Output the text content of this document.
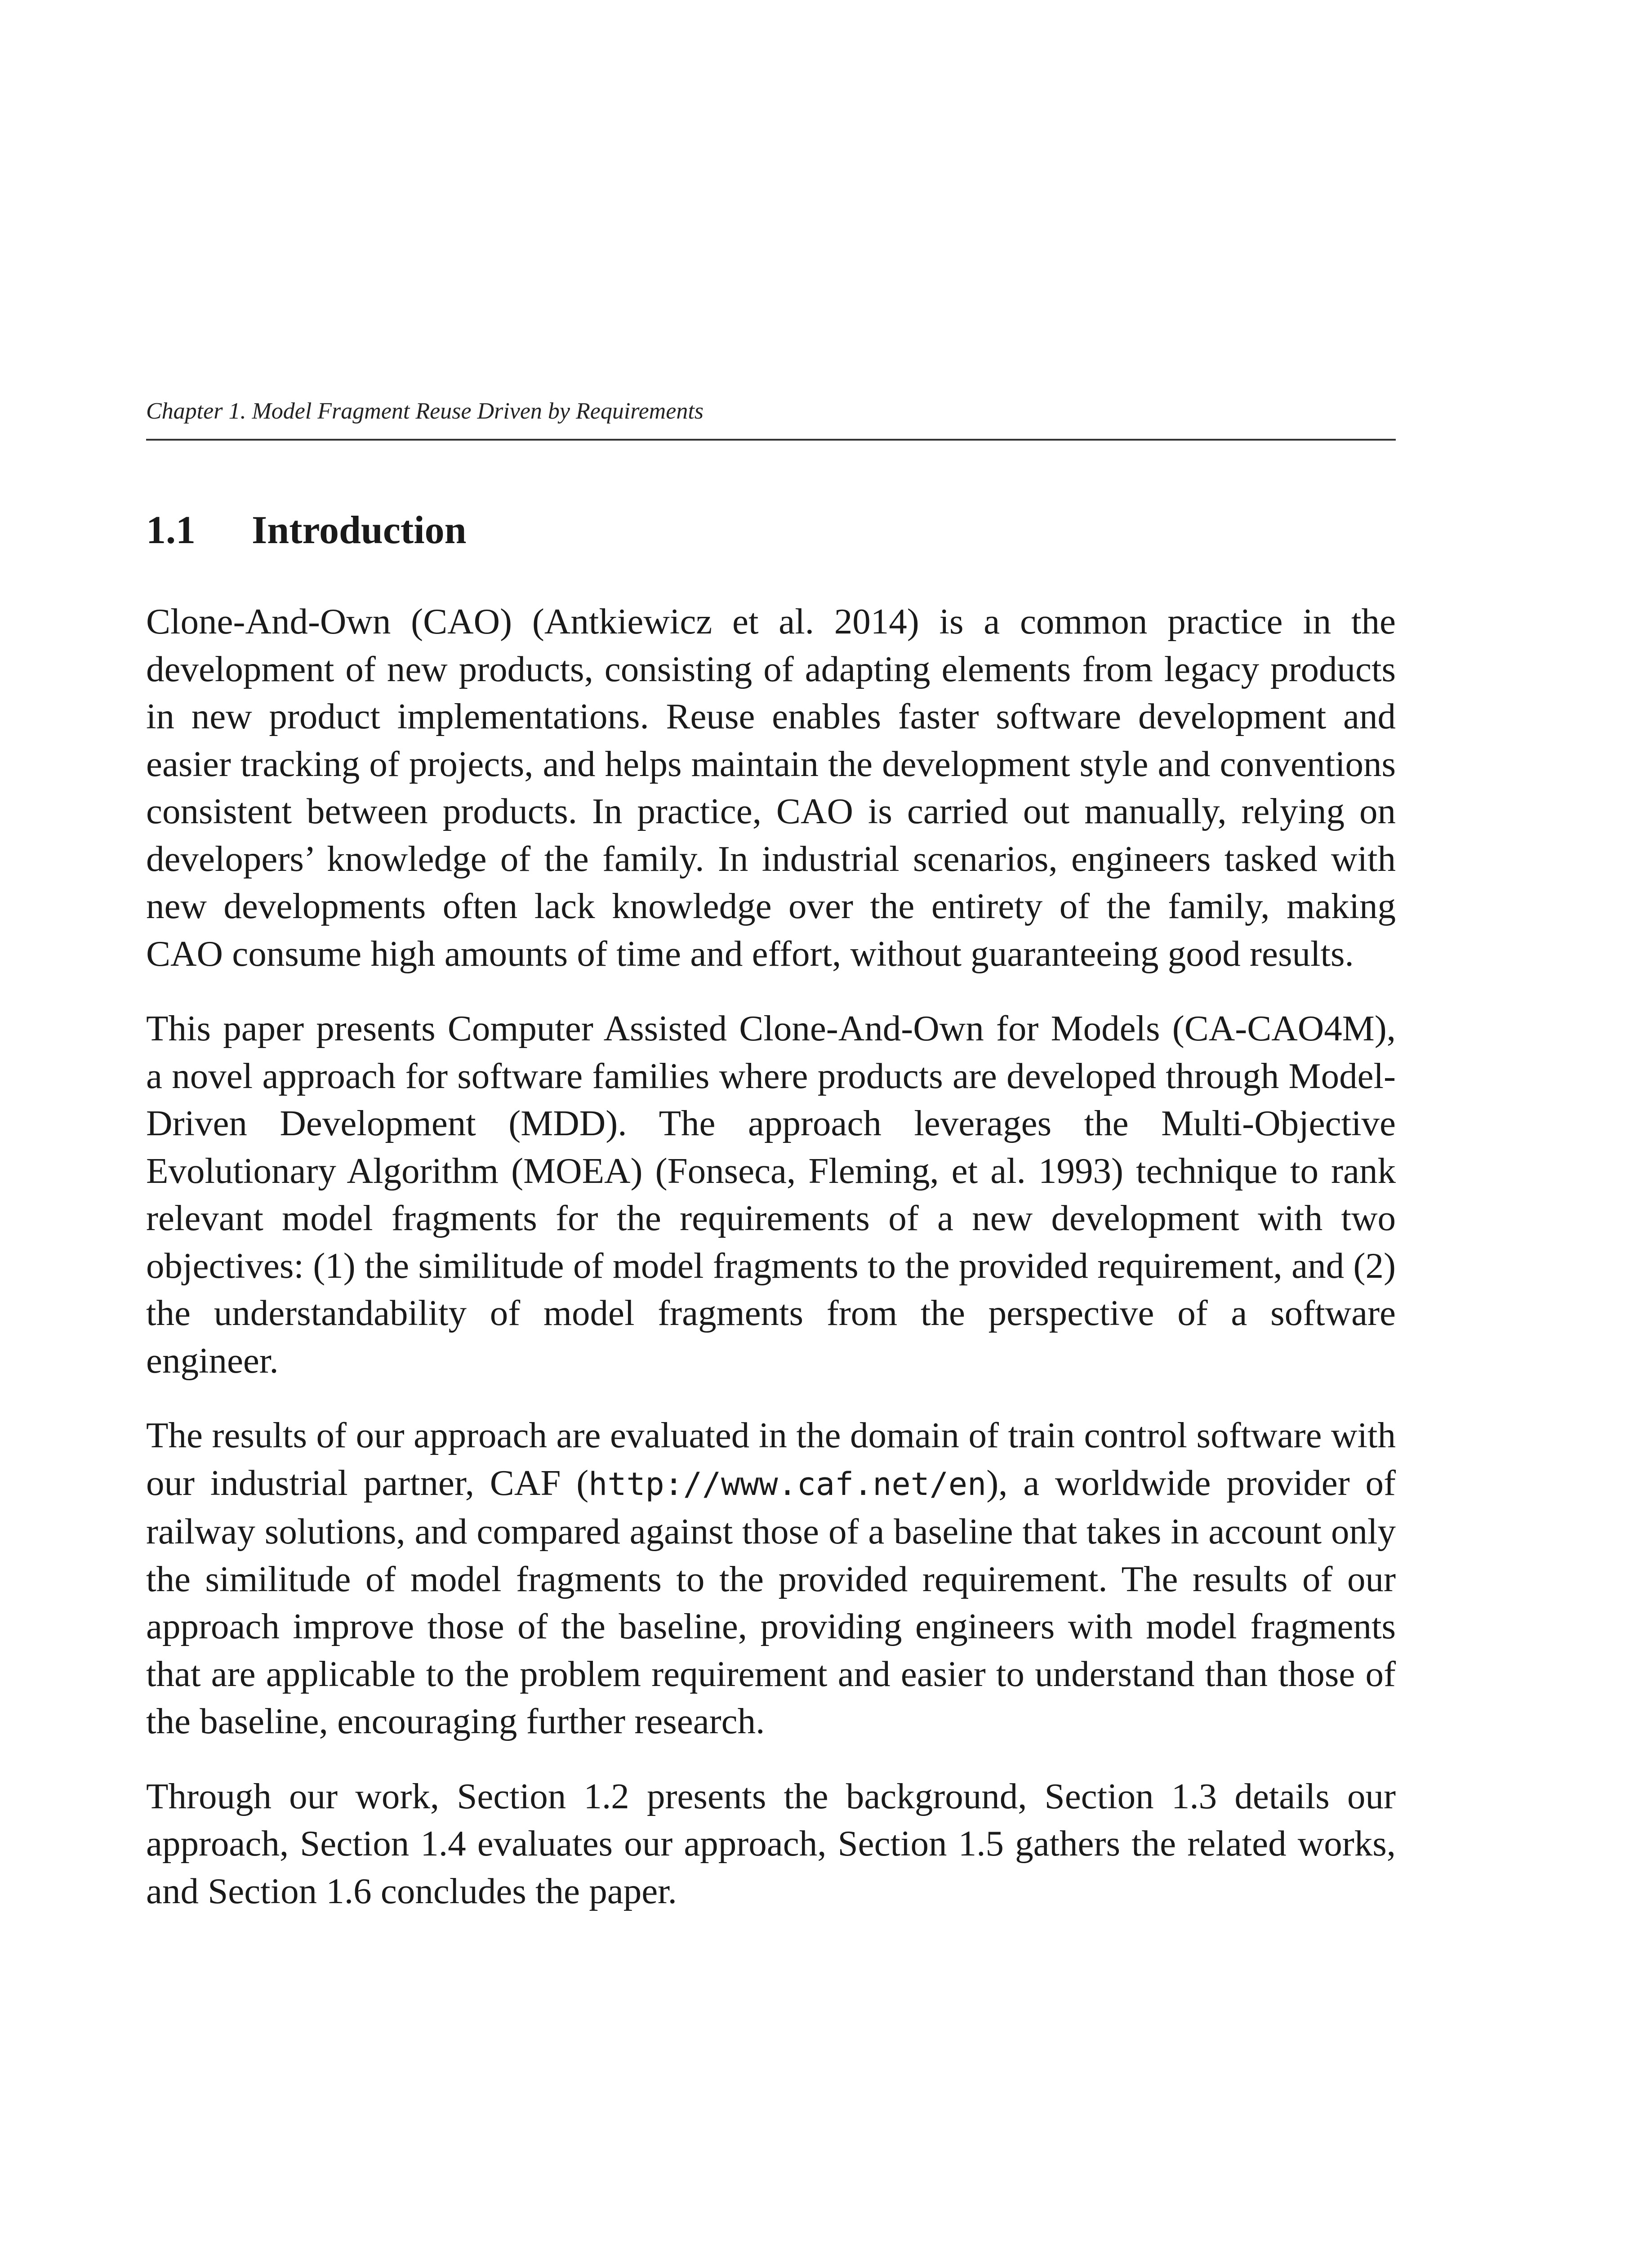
Chapter 1. Model Fragment Reuse Driven by Requirements
1.1 Introduction

Clone-And-Own (CAO) (Antkiewicz et al. 2014) is a common practice in the development of new products, consisting of adapting elements from legacy products in new product implementations. Reuse enables faster software development and easier tracking of projects, and helps maintain the development style and conventions consistent between products. In practice, CAO is carried out manually, relying on developers’ knowledge of the family. In industrial scenarios, engineers tasked with new developments often lack knowledge over the entirety of the family, making CAO consume high amounts of time and effort, without guaranteeing good results.

This paper presents Computer Assisted Clone-And-Own for Models (CA-CAO4M), a novel approach for software families where products are developed through Model-Driven Development (MDD). The approach leverages the Multi-Objective Evolutionary Algorithm (MOEA) (Fonseca, Fleming, et al. 1993) technique to rank relevant model fragments for the requirements of a new development with two objectives: (1) the similitude of model fragments to the provided requirement, and (2) the understandability of model fragments from the perspective of a software engineer.

The results of our approach are evaluated in the domain of train control software with our industrial partner, CAF (http://www.caf.net/en), a worldwide provider of railway solutions, and compared against those of a baseline that takes in account only the similitude of model fragments to the provided requirement. The results of our approach improve those of the baseline, providing engineers with model fragments that are applicable to the problem requirement and easier to understand than those of the baseline, encouraging further research.

Through our work, Section 1.2 presents the background, Section 1.3 details our approach, Section 1.4 evaluates our approach, Section 1.5 gathers the related works, and Section 1.6 concludes the paper.
